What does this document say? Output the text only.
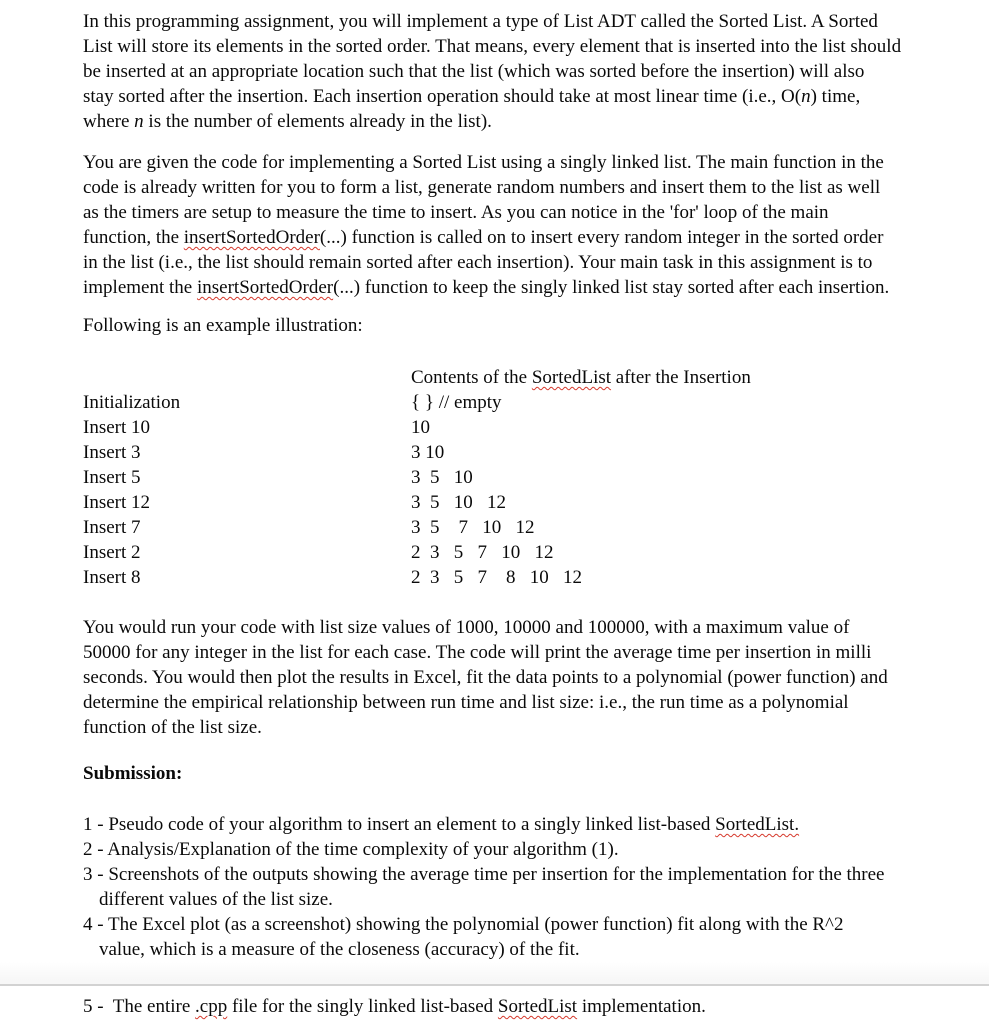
In this programming assignment, you will implement a type of List ADT called the Sorted List. A Sorted
List will store its elements in the sorted order. That means, every element that is inserted into the list should
be inserted at an appropriate location such that the list (which was sorted before the insertion) will also
stay sorted after the insertion. Each insertion operation should take at most linear time (i.e., O(n) time,
where n is the number of elements already in the list).

You are given the code for implementing a Sorted List using a singly linked list. The main function in the
code is already written for you to form a list, generate random numbers and insert them to the list as well
as the timers are setup to measure the time to insert. As you can notice in the 'for' loop of the main
function, the insertSortedOrder(...) function is called on to insert every random integer in the sorted order
in the list (i.e., the list should remain sorted after each insertion). Your main task in this assignment is to
implement the insertSortedOrder(...) function to keep the singly linked list stay sorted after each insertion.

Following is an example illustration:

Contents of the SortedList after the Insertion
Initialization	{ } // empty
Insert 10	10
Insert 3	3 10
Insert 5	3  5   10
Insert 12	3  5   10   12
Insert 7	3  5    7   10   12
Insert 2	2  3   5   7   10   12
Insert 8	2  3   5   7    8   10   12

You would run your code with list size values of 1000, 10000 and 100000, with a maximum value of
50000 for any integer in the list for each case. The code will print the average time per insertion in milli
seconds. You would then plot the results in Excel, fit the data points to a polynomial (power function) and
determine the empirical relationship between run time and list size: i.e., the run time as a polynomial
function of the list size.

Submission:

1 - Pseudo code of your algorithm to insert an element to a singly linked list-based SortedList.
2 - Analysis/Explanation of the time complexity of your algorithm (1).
3 - Screenshots of the outputs showing the average time per insertion for the implementation for the three
different values of the list size.
4 - The Excel plot (as a screenshot) showing the polynomial (power function) fit along with the R^2
value, which is a measure of the closeness (accuracy) of the fit.

5 -  The entire .cpp file for the singly linked list-based SortedList implementation.
